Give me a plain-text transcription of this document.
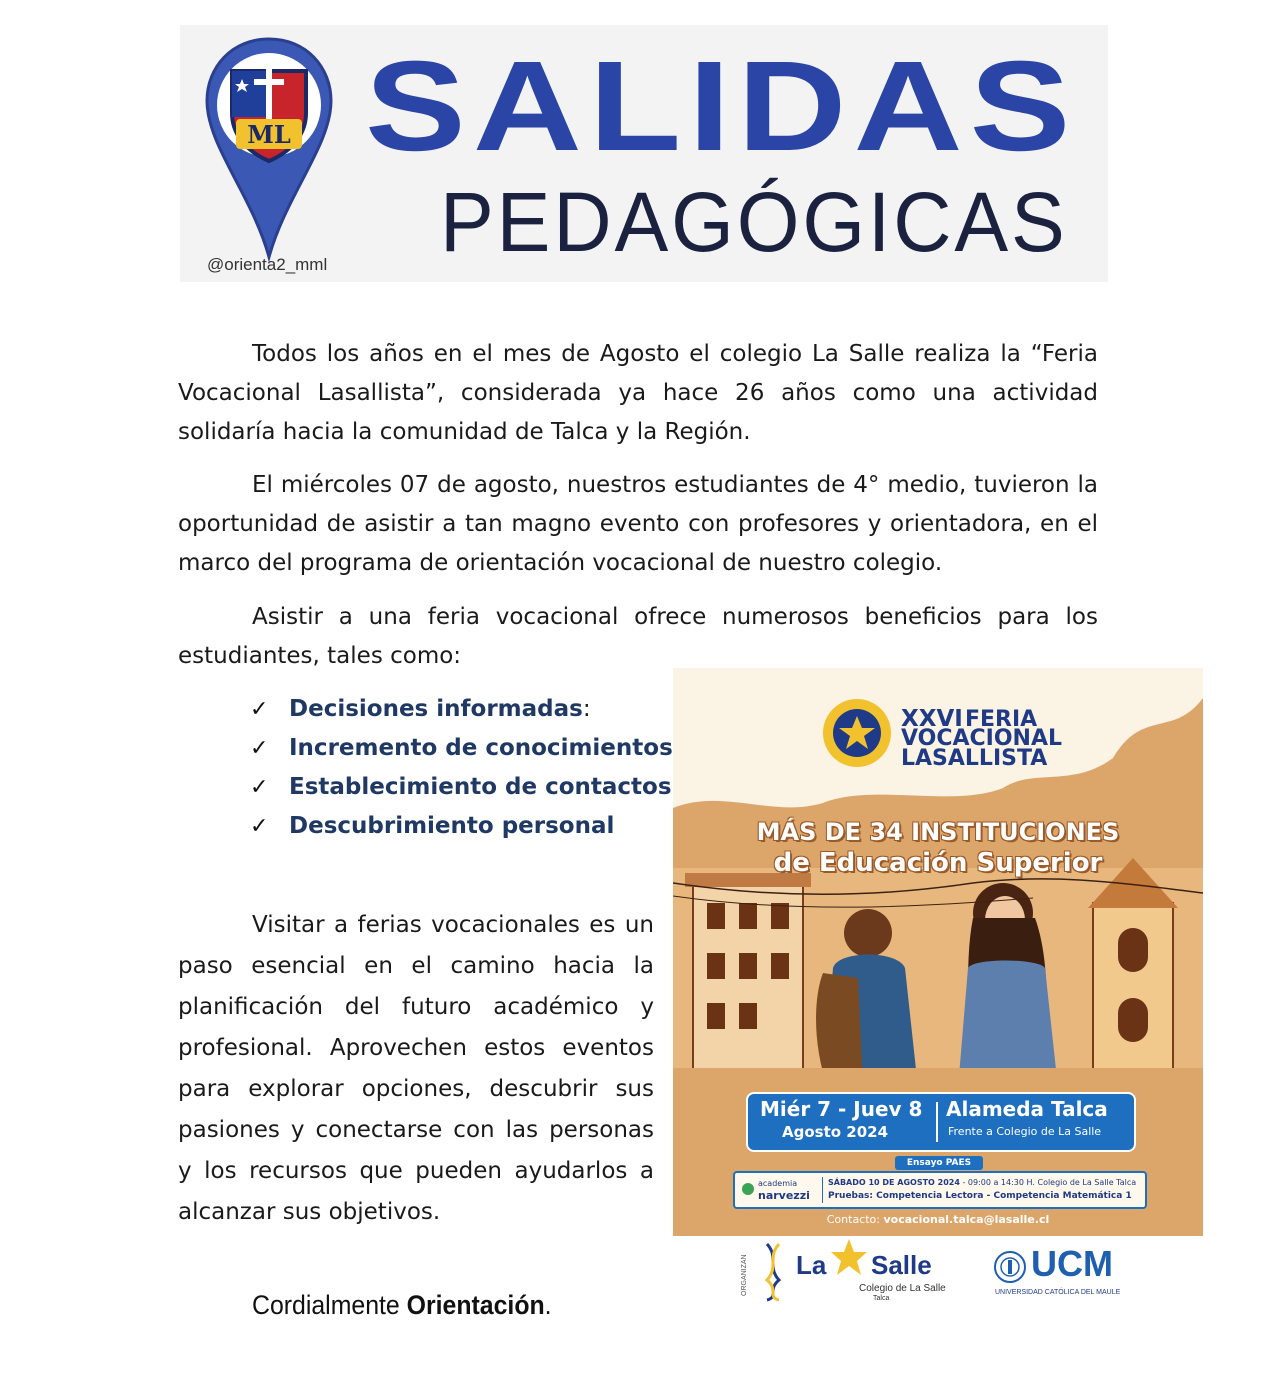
ML
@orienta2_mml
SALIDAS
PEDAGÓGICAS

Todos los años en el mes de Agosto el colegio La Salle realiza la “Feria Vocacional Lasallista”, considerada ya hace 26 años como una actividad solidaría hacia la comunidad de Talca y la Región.

El miércoles 07 de agosto, nuestros estudiantes de 4° medio, tuvieron la oportunidad de asistir a tan magno evento con profesores y orientadora, en el marco del programa de orientación vocacional de nuestro colegio.

Asistir a una feria vocacional ofrece numerosos beneficios para los estudiantes, tales como:

✓ Decisiones informadas:
✓ Incremento de conocimientos
✓ Establecimiento de contactos
✓ Descubrimiento personal

Visitar a ferias vocacionales es un paso esencial en el camino hacia la planificación del futuro académico y profesional. Aprovechen estos eventos para explorar opciones, descubrir sus pasiones y conectarse con las personas y los recursos que pueden ayudarlos a alcanzar sus objetivos.

Cordialmente Orientación.
XXVI FERIA
VOCACIONAL
LASALLISTA
MÁS DE 34 INSTITUCIONES
de Educación Superior
Miér 7 - Juev 8
Agosto 2024
Alameda Talca
Frente a Colegio de La Salle
Ensayo PAES
academia
narvezzi
SÁBADO 10 DE AGOSTO 2024 - 09:00 a 14:30 H. Colegio de La Salle Talca
Pruebas: Competencia Lectora - Competencia Matemática 1
Contacto: vocacional.talca@lasalle.cl
ORGANIZAN La Salle
Colegio de La Salle
Talca
UCM
UNIVERSIDAD CATÓLICA DEL MAULE
